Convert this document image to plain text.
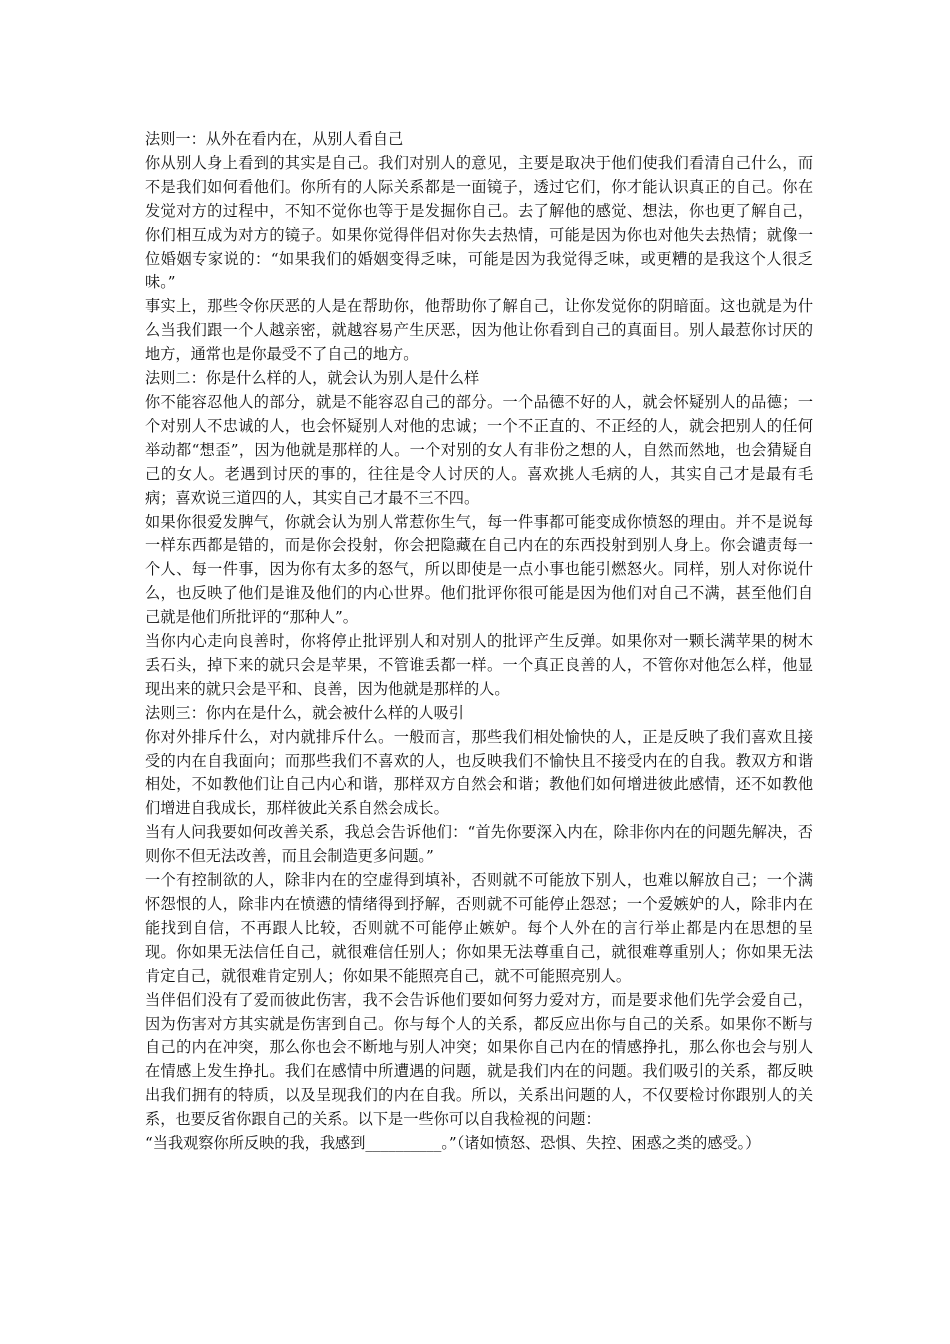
法则一：从外在看内在，从别人看自己
你从别人身上看到的其实是自己。我们对别人的意见，主要是取决于他们使我们看清自己什么，而不是我们如何看他们。你所有的人际关系都是一面镜子，透过它们，你才能认识真正的自己。你在发觉对方的过程中，不知不觉你也等于是发掘你自己。去了解他的感觉、想法，你也更了解自己，你们相互成为对方的镜子。如果你觉得伴侣对你失去热情，可能是因为你也对他失去热情；就像一位婚姻专家说的：“如果我们的婚姻变得乏味，可能是因为我觉得乏味，或更糟的是我这个人很乏味。”
事实上，那些令你厌恶的人是在帮助你，他帮助你了解自己，让你发觉你的阴暗面。这也就是为什么当我们跟一个人越亲密，就越容易产生厌恶，因为他让你看到自己的真面目。别人最惹你讨厌的地方，通常也是你最受不了自己的地方。
法则二：你是什么样的人，就会认为别人是什么样
你不能容忍他人的部分，就是不能容忍自己的部分。一个品德不好的人，就会怀疑别人的品德；一个对别人不忠诚的人，也会怀疑别人对他的忠诚；一个不正直的、不正经的人，就会把别人的任何举动都“想歪”，因为他就是那样的人。一个对别的女人有非份之想的人，自然而然地，也会猜疑自己的女人。老遇到讨厌的事的，往往是令人讨厌的人。喜欢挑人毛病的人，其实自己才是最有毛病；喜欢说三道四的人，其实自己才最不三不四。
如果你很爱发脾气，你就会认为别人常惹你生气，每一件事都可能变成你愤怒的理由。并不是说每一样东西都是错的，而是你会投射，你会把隐藏在自己内在的东西投射到别人身上。你会谴责每一个人、每一件事，因为你有太多的怒气，所以即使是一点小事也能引燃怒火。同样，别人对你说什么，也反映了他们是谁及他们的内心世界。他们批评你很可能是因为他们对自己不满，甚至他们自己就是他们所批评的“那种人”。
当你内心走向良善时，你将停止批评别人和对别人的批评产生反弹。如果你对一颗长满苹果的树木丢石头，掉下来的就只会是苹果，不管谁丢都一样。一个真正良善的人，不管你对他怎么样，他显现出来的就只会是平和、良善，因为他就是那样的人。
法则三：你内在是什么，就会被什么样的人吸引
你对外排斥什么，对内就排斥什么。一般而言，那些我们相处愉快的人，正是反映了我们喜欢且接受的内在自我面向；而那些我们不喜欢的人，也反映我们不愉快且不接受内在的自我。教双方和谐相处，不如教他们让自己内心和谐，那样双方自然会和谐；教他们如何增进彼此感情，还不如教他们增进自我成长，那样彼此关系自然会成长。
当有人问我要如何改善关系，我总会告诉他们：“首先你要深入内在，除非你内在的问题先解决，否则你不但无法改善，而且会制造更多问题。”
一个有控制欲的人，除非内在的空虚得到填补，否则就不可能放下别人，也难以解放自己；一个满怀怨恨的人，除非内在愤懑的情绪得到抒解，否则就不可能停止怨怼；一个爱嫉妒的人，除非内在能找到自信，不再跟人比较，否则就不可能停止嫉妒。每个人外在的言行举止都是内在思想的呈现。你如果无法信任自己，就很难信任别人；你如果无法尊重自己，就很难尊重别人；你如果无法肯定自己，就很难肯定别人；你如果不能照亮自己，就不可能照亮别人。
当伴侣们没有了爱而彼此伤害，我不会告诉他们要如何努力爱对方，而是要求他们先学会爱自己，因为伤害对方其实就是伤害到自己。你与每个人的关系，都反应出你与自己的关系。如果你不断与自己的内在冲突，那么你也会不断地与别人冲突；如果你自己内在的情感挣扎，那么你也会与别人在情感上发生挣扎。我们在感情中所遭遇的问题，就是我们内在的问题。我们吸引的关系，都反映出我们拥有的特质，以及呈现我们的内在自我。所以，关系出问题的人，不仅要检讨你跟别人的关系，也要反省你跟自己的关系。以下是一些你可以自我检视的问题：
“当我观察你所反映的我，我感到__________。”（诸如愤怒、恐惧、失控、困惑之类的感受。）
